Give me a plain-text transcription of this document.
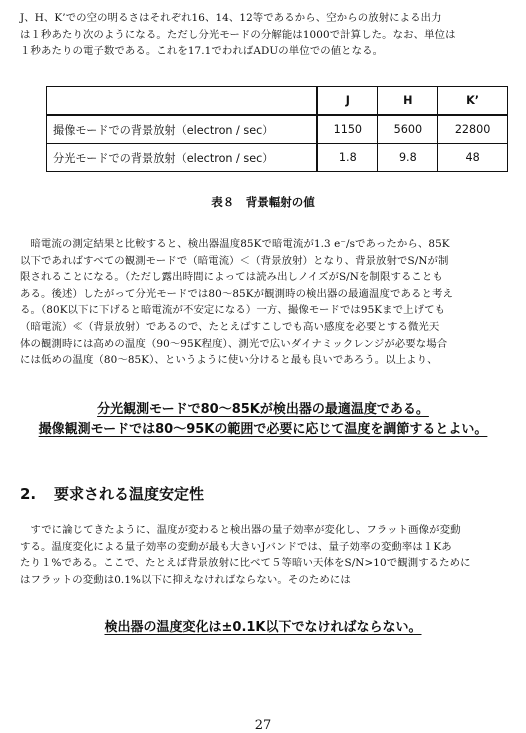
J、H、K’での空の明るさはそれぞれ16、14、12等であるから、空からの放射による出力

は１秒あたり次のようになる。ただし分光モードの分解能は1000で計算した。なお、単位は

１秒あたりの電子数である。これを17.1でわればADUの単位での値となる。

	J	H	K’
撮像モードでの背景放射（electron / sec）	1150	5600	22800
分光モードでの背景放射（electron / sec）	1.8	9.8	48
表８　背景輻射の値

暗電流の測定結果と比較すると、検出器温度85Kで暗電流が1.3 e⁻/sであったから、85K

以下であればすべての観測モードで（暗電流）＜（背景放射）となり、背景放射でS/Nが制

限されることになる。（ただし露出時間によっては読み出しノイズがS/Nを制限することも

ある。後述）したがって分光モードでは80～85Kが観測時の検出器の最適温度であると考え

る。（80K以下に下げると暗電流が不安定になる）一方、撮像モードでは95Kまで上げても

（暗電流）≪（背景放射）であるので、たとえばすこしでも高い感度を必要とする微光天

体の観測時には高めの温度（90～95K程度）、測光で広いダイナミックレンジが必要な場合

には低めの温度（80～85K）、というように使い分けると最も良いであろう。以上より、

分光観測モードで80～85Kが検出器の最適温度である。
撮像観測モードでは80～95Kの範囲で必要に応じて温度を調節するとよい。
2. 要求される温度安定性

すでに論じてきたように、温度が変わると検出器の量子効率が変化し、フラット画像が変動

する。温度変化による量子効率の変動が最も大きいJバンドでは、量子効率の変動率は１Kあ

たり１%である。ここで、たとえば背景放射に比べて５等暗い天体をS/N>10で観測するために

はフラットの変動は0.1%以下に抑えなければならない。そのためには

検出器の温度変化は±0.1K以下でなければならない。
27
